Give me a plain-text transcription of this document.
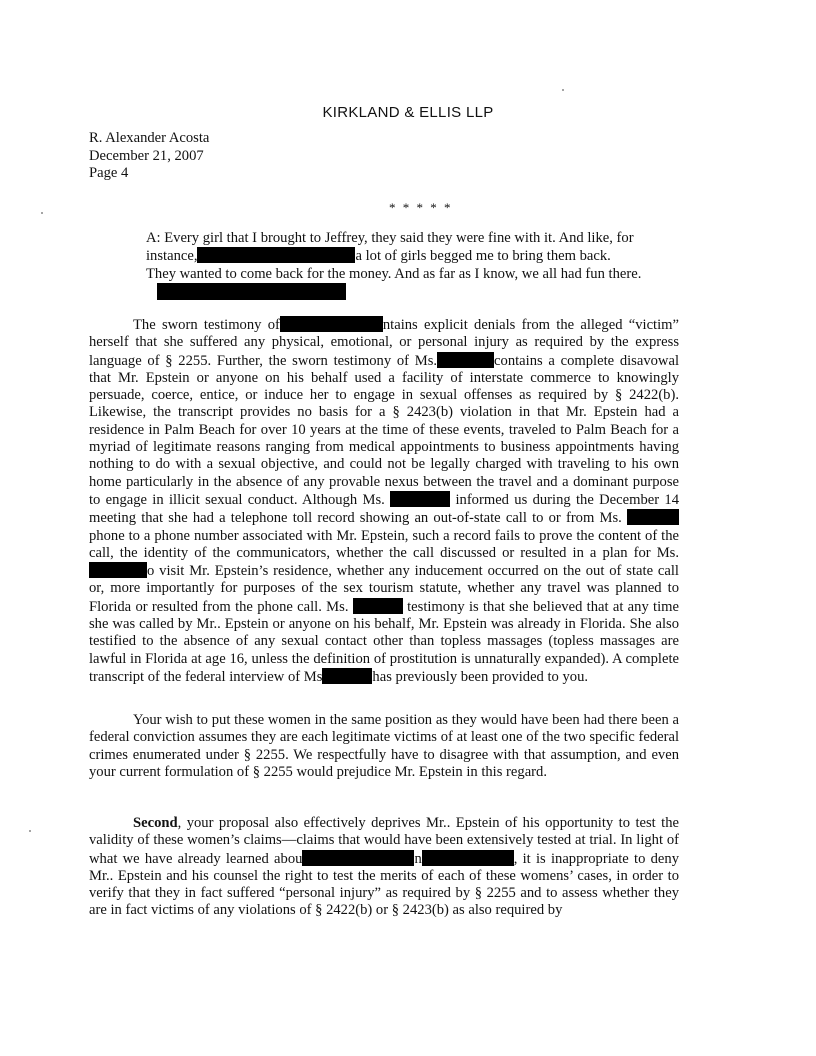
KIRKLAND & ELLIS LLP
R. Alexander Acosta
December 21, 2007
Page 4
* * * * *
A: Every girl that I brought to Jeffrey, they said they were fine with it. And like, for
instance,	a lot of girls begged me to bring them back.
They wanted to come back for the money. And as far as I know, we all had fun there.
The sworn testimony of	ntains explicit denials from the alleged “victim” herself that she suffered any physical, emotional, or personal injury as required by the express language of § 2255. Further, the sworn testimony of Ms.	contains a complete disavowal that Mr. Epstein or anyone on his behalf used a facility of interstate commerce to knowingly persuade, coerce, entice, or induce her to engage in sexual offenses as required by § 2422(b). Likewise, the transcript provides no basis for a § 2423(b) violation in that Mr. Epstein had a residence in Palm Beach for over 10 years at the time of these events, traveled to Palm Beach for a myriad of legitimate reasons ranging from medical appointments to business appointments having nothing to do with a sexual objective, and could not be legally charged with traveling to his own home particularly in the absence of any provable nexus between the travel and a dominant purpose to engage in illicit sexual conduct. Although Ms.	informed us during the December 14 meeting that she had a telephone toll record showing an out-of-state call to or from Ms.  phone to a phone number associated with Mr. Epstein, such a record fails to prove the content of the call, the identity of the communicators, whether the call discussed or resulted in a plan for Ms.o visit Mr. Epstein’s residence, whether any inducement occurred on the out of state call or, more importantly for purposes of the sex tourism statute, whether any travel was planned to Florida or resulted from the phone call. Ms.	testimony is that she believed that at any time she was called by Mr.. Epstein or anyone on his behalf, Mr. Epstein was already in Florida. She also testified to the absence of any sexual contact other than topless massages (topless massages are lawful in Florida at age 16, unless the definition of prostitution is unnaturally expanded). A complete transcript of the federal interview of Ms	has previously been provided to you.
Your wish to put these women in the same position as they would have been had there been a federal conviction assumes they are each legitimate victims of at least one of the two specific federal crimes enumerated under § 2255. We respectfully have to disagree with that assumption, and even your current formulation of § 2255 would prejudice Mr. Epstein in this regard.
Second, your proposal also effectively deprives Mr.. Epstein of his opportunity to test the validity of these women’s claims—claims that would have been extensively tested at trial. In light of what we have already learned abou	n	, it is inappropriate to deny Mr.. Epstein and his counsel the right to test the merits of each of these womens’ cases, in order to verify that they in fact suffered “personal injury” as required by § 2255 and to assess whether they are in fact victims of any violations of § 2422(b) or § 2423(b) as also required by
